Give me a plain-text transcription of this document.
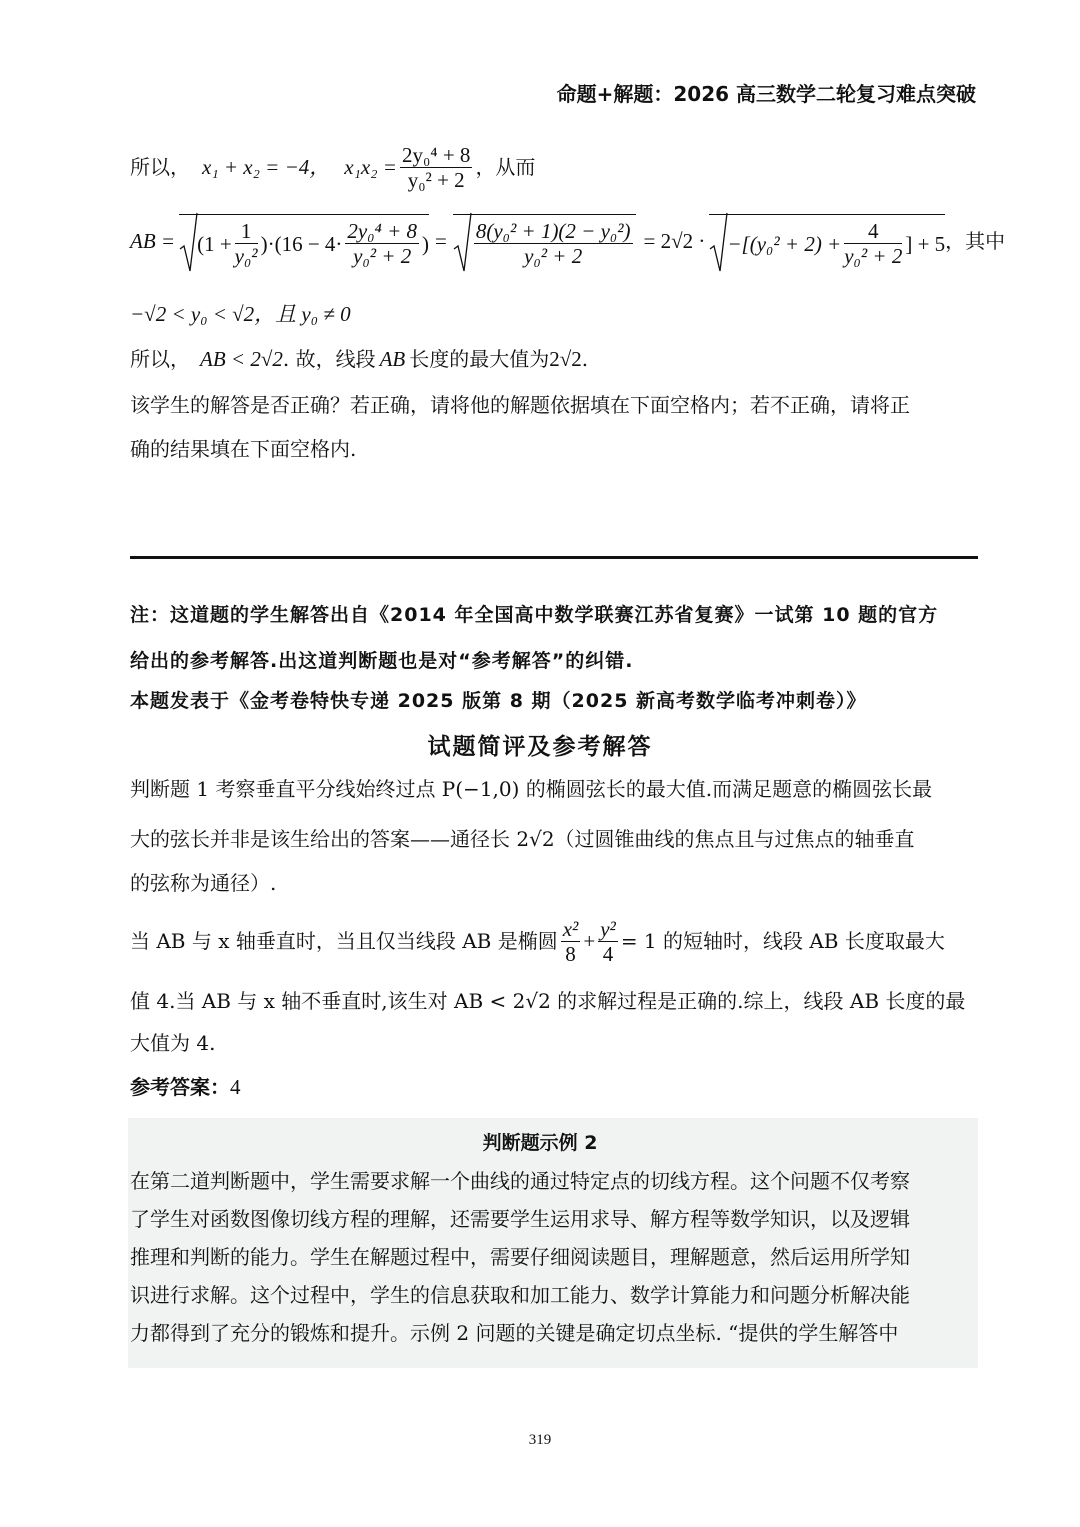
命题+解题：2026 高三数学二轮复习难点突破
所以， x₁ + x₂ = −4， $x_1x_2 = \frac{\text{2y₀⁴ + 8}}{\text{y₀² + 2}}$ ，从而
AB = $(1 + \frac{1}{\text{y₀²}} )\cdot(16 - 4\cdot \frac{\text{2y₀⁴ + 8}}{\text{y₀² + 2}}$ ) = $\frac{\text{8(y₀² + 1)(2 − y₀²)}}{\text{y₀² + 2}} = 2√2 \cdot -[(y_0^2 + 2) + \frac{4}{\text{y₀² + 2}}$ ] + 5 ，其中
−√2 < y₀ < √2，且 y₀ ≠ 0
所以， AB < 2√2. 故，线段 AB 长度的最大值为2√2.
该学生的解答是否正确？若正确，请将他的解题依据填在下面空格内；若不正确，请将正
确的结果填在下面空格内.
注：这道题的学生解答出自《2014 年全国高中数学联赛江苏省复赛》一试第 10 题的官方
给出的参考解答.出这道判断题也是对“参考解答”的纠错.
本题发表于《金考卷特快专递 2025 版第 8 期（2025 新高考数学临考冲刺卷）》
试题简评及参考解答
判断题 1 考察垂直平分线始终过点 P(−1,0) 的椭圆弦长的最大值.而满足题意的椭圆弦长最
大的弦长并非是该生给出的答案——通径长 2√2（过圆锥曲线的焦点且与过焦点的轴垂直
的弦称为通径）.
当 AB 与 x 轴垂直时，当且仅当线段 AB 是椭圆 $\frac{\text{x²}}{8} + \frac{\text{y²}}{4} = 1$ 的短轴时，线段 AB 长度取最大
值 4.当 AB 与 x 轴不垂直时,该生对 AB < 2√2 的求解过程是正确的.综上，线段 AB 长度的最
大值为 4.
参考答案：4
判断题示例 2
在第二道判断题中，学生需要求解一个曲线的通过特定点的切线方程。这个问题不仅考察
了学生对函数图像切线方程的理解，还需要学生运用求导、解方程等数学知识，以及逻辑
推理和判断的能力。学生在解题过程中，需要仔细阅读题目，理解题意，然后运用所学知
识进行求解。这个过程中，学生的信息获取和加工能力、数学计算能力和问题分析解决能
力都得到了充分的锻炼和提升。示例 2 问题的关键是确定切点坐标. “提供的学生解答中
319
